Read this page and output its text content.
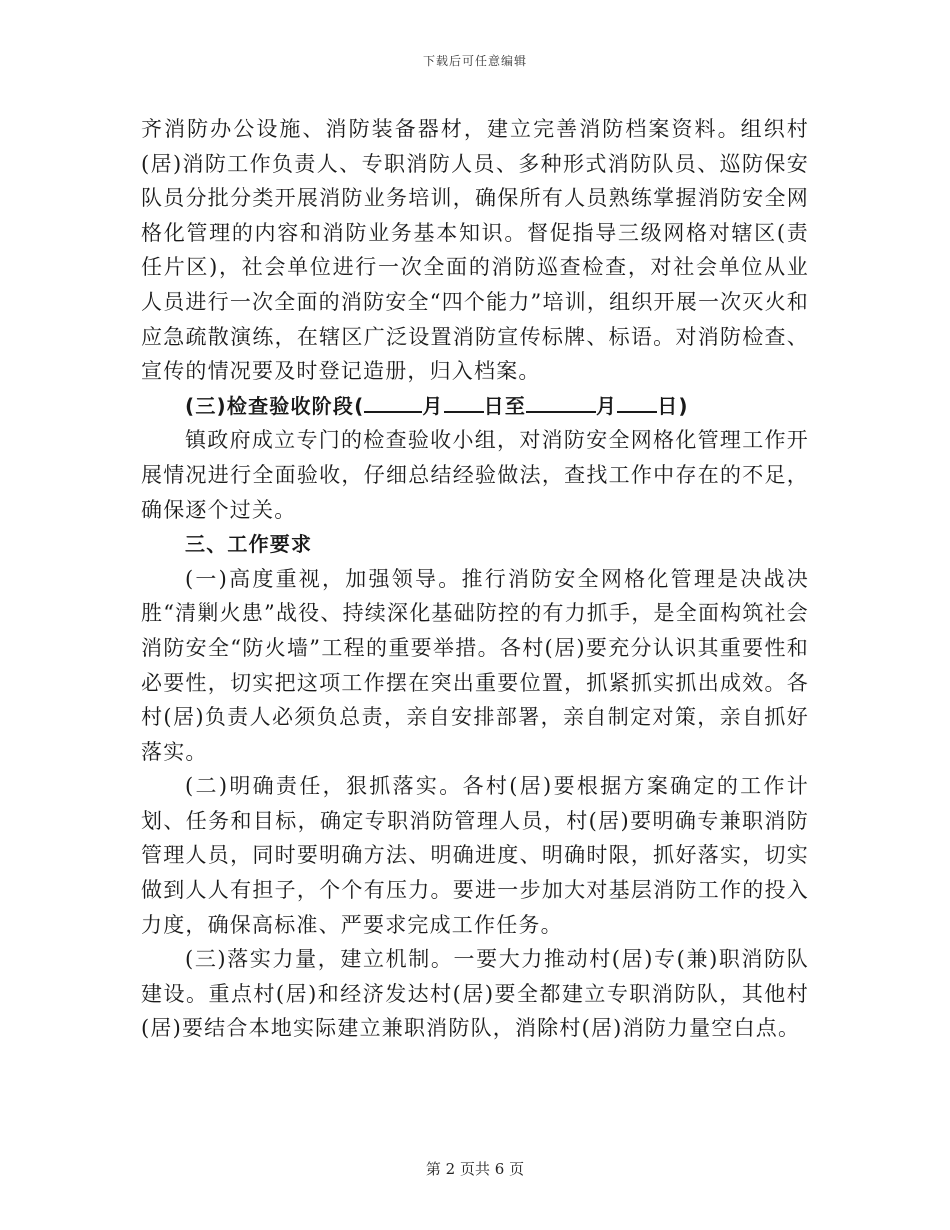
下载后可任意编辑

齐消防办公设施、消防装备器材，建立完善消防档案资料。组织村(居)消防工作负责人、专职消防人员、多种形式消防队员、巡防保安队员分批分类开展消防业务培训，确保所有人员熟练掌握消防安全网格化管理的内容和消防业务基本知识。督促指导三级网格对辖区(责任片区)，社会单位进行一次全面的消防巡查检查，对社会单位从业人员进行一次全面的消防安全“四个能力”培训，组织开展一次灭火和应急疏散演练，在辖区广泛设置消防宣传标牌、标语。对消防检查、宣传的情况要及时登记造册，归入档案。

(三)检查验收阶段(	月 日至	月 日)

镇政府成立专门的检查验收小组，对消防安全网格化管理工作开展情况进行全面验收，仔细总结经验做法，查找工作中存在的不足，确保逐个过关。

三、工作要求

(一)高度重视，加强领导。推行消防安全网格化管理是决战决胜“清剿火患”战役、持续深化基础防控的有力抓手，是全面构筑社会消防安全“防火墙”工程的重要举措。各村(居)要充分认识其重要性和必要性，切实把这项工作摆在突出重要位置，抓紧抓实抓出成效。各村(居)负责人必须负总责，亲自安排部署，亲自制定对策，亲自抓好落实。

(二)明确责任，狠抓落实。各村(居)要根据方案确定的工作计划、任务和目标，确定专职消防管理人员，村(居)要明确专兼职消防管理人员，同时要明确方法、明确进度、明确时限，抓好落实，切实做到人人有担子，个个有压力。要进一步加大对基层消防工作的投入力度，确保高标准、严要求完成工作任务。

(三)落实力量，建立机制。一要大力推动村(居)专(兼)职消防队建设。重点村(居)和经济发达村(居)要全都建立专职消防队，其他村(居)要结合本地实际建立兼职消防队，消除村(居)消防力量空白点。

第 2 页共 6 页
